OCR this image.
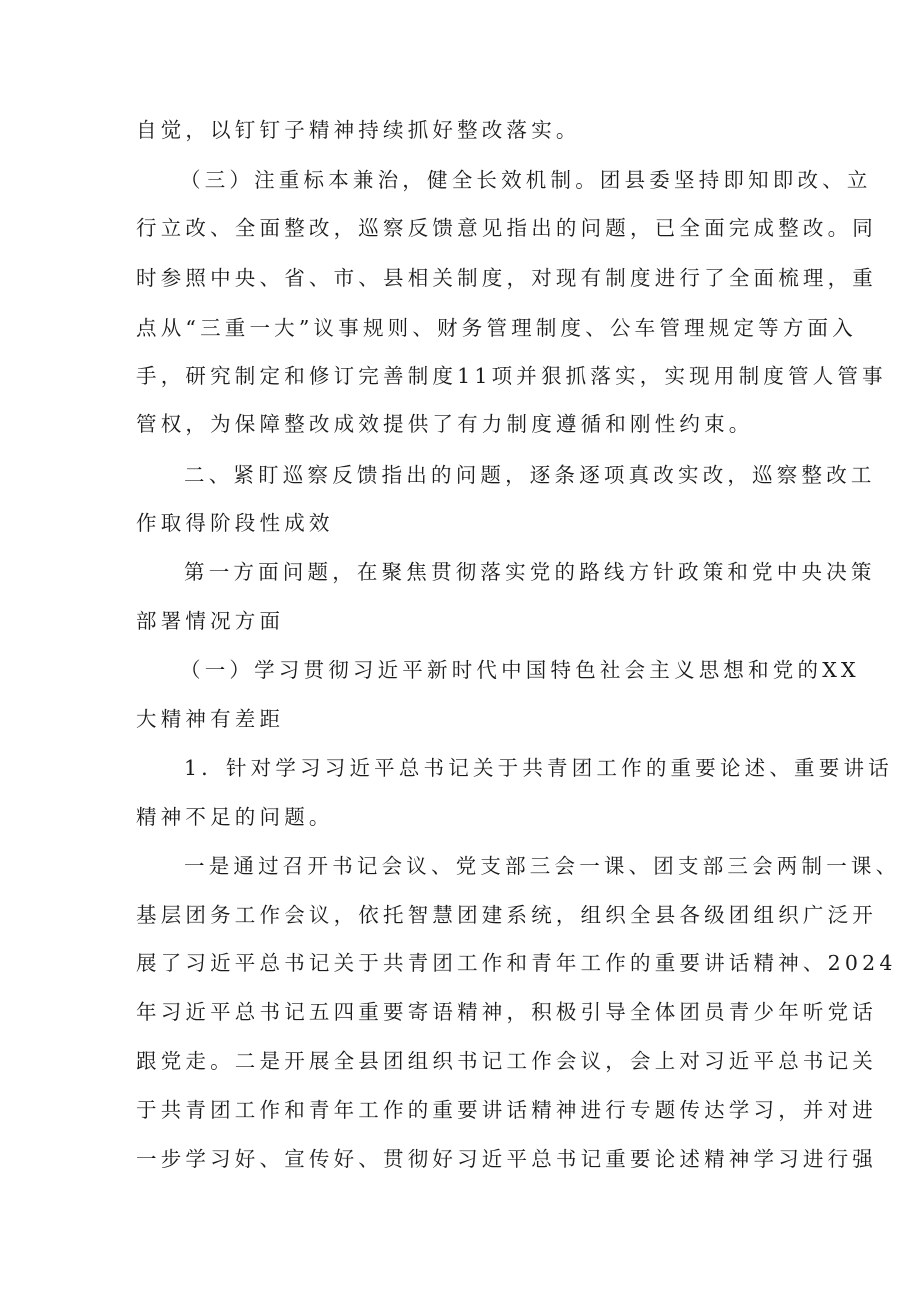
自觉，以钉钉子精神持续抓好整改落实。
（三）注重标本兼治，健全长效机制。团县委坚持即知即改、立
行立改、全面整改，巡察反馈意见指出的问题，已全面完成整改。同
时参照中央、省、市、县相关制度，对现有制度进行了全面梳理，重
点从“三重一大”议事规则、财务管理制度、公车管理规定等方面入
手，研究制定和修订完善制度11项并狠抓落实，实现用制度管人管事
管权，为保障整改成效提供了有力制度遵循和刚性约束。
二、紧盯巡察反馈指出的问题，逐条逐项真改实改，巡察整改工
作取得阶段性成效
第一方面问题，在聚焦贯彻落实党的路线方针政策和党中央决策
部署情况方面
（一）学习贯彻习近平新时代中国特色社会主义思想和党的XX
大精神有差距
1．针对学习习近平总书记关于共青团工作的重要论述、重要讲话
精神不足的问题。
一是通过召开书记会议、党支部三会一课、团支部三会两制一课、
基层团务工作会议，依托智慧团建系统，组织全县各级团组织广泛开
展了习近平总书记关于共青团工作和青年工作的重要讲话精神、2024
年习近平总书记五四重要寄语精神，积极引导全体团员青少年听党话
跟党走。二是开展全县团组织书记工作会议，会上对习近平总书记关
于共青团工作和青年工作的重要讲话精神进行专题传达学习，并对进
一步学习好、宣传好、贯彻好习近平总书记重要论述精神学习进行强
